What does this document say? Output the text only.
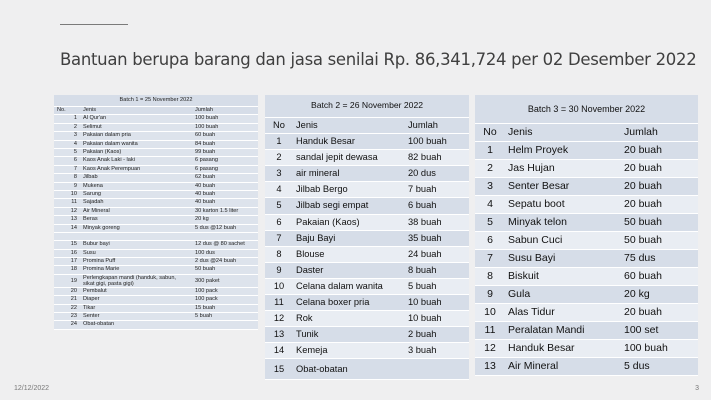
Bantuan berupa barang dan jasa senilai Rp. 86,341,724 per 02 Desember 2022
Batch 1 = 25 November 2022		
No.	Jenis	Jumlah
1	Al Qur'an	100 buah
2	Selimut	100 buah
3	Pakaian dalam pria	60 buah
4	Pakaian dalam wanita	84 buah
5	Pakaian (Kaos)	99 buah
6	Kaos Anak Laki - laki	6 pasang
7	Kaos Anak Perempuan	6 pasang
8	Jilbab	62 buah
9	Mukena	40 buah
10	Sarung	40 buah
11	Sajadah	40 buah
12	Air Mineral	30 karton 1.5 liter
13	Beras	20 kg
14	Minyak goreng	5 dus @12 buah

15	Bubur bayi	12 dus @ 80 sachet
16	Susu	100 dus
17	Promina Puff	2 dus @24 buah
18	Promina Marie	50 buah
19	Perlengkapan mandi (handuk, sabun, sikat gigi, pasta gigi)	300 paket
20	Pembalut	100 pack
21	Diaper	100 pack
22	Tikar	15 buah
23	Senter	5 buah
24	Obat-obatan	
Batch 2 = 26 November 2022		
No	Jenis	Jumlah
1	Handuk Besar	100 buah
2	sandal jepit dewasa	82 buah
3	air mineral	20 dus
4	Jilbab Bergo	7 buah
5	Jilbab segi empat	6 buah
6	Pakaian (Kaos)	38 buah
7	Baju Bayi	35 buah
8	Blouse	24 buah
9	Daster	8 buah
10	Celana dalam wanita	5 buah
11	Celana boxer pria	10 buah
12	Rok	10 buah
13	Tunik	2 buah
14	Kemeja	3 buah
15	Obat-obatan	
Batch 3 = 30 November 2022		
No	Jenis	Jumlah
1	Helm Proyek	20 buah
2	Jas Hujan	20 buah
3	Senter Besar	20 buah
4	Sepatu boot	20 buah
5	Minyak telon	50 buah
6	Sabun Cuci	50 buah
7	Susu Bayi	75 dus
8	Biskuit	60 buah
9	Gula	20 kg
10	Alas Tidur	20 buah
11	Peralatan Mandi	100 set
12	Handuk Besar	100 buah
13	Air Mineral	5 dus
12/12/2022	3
